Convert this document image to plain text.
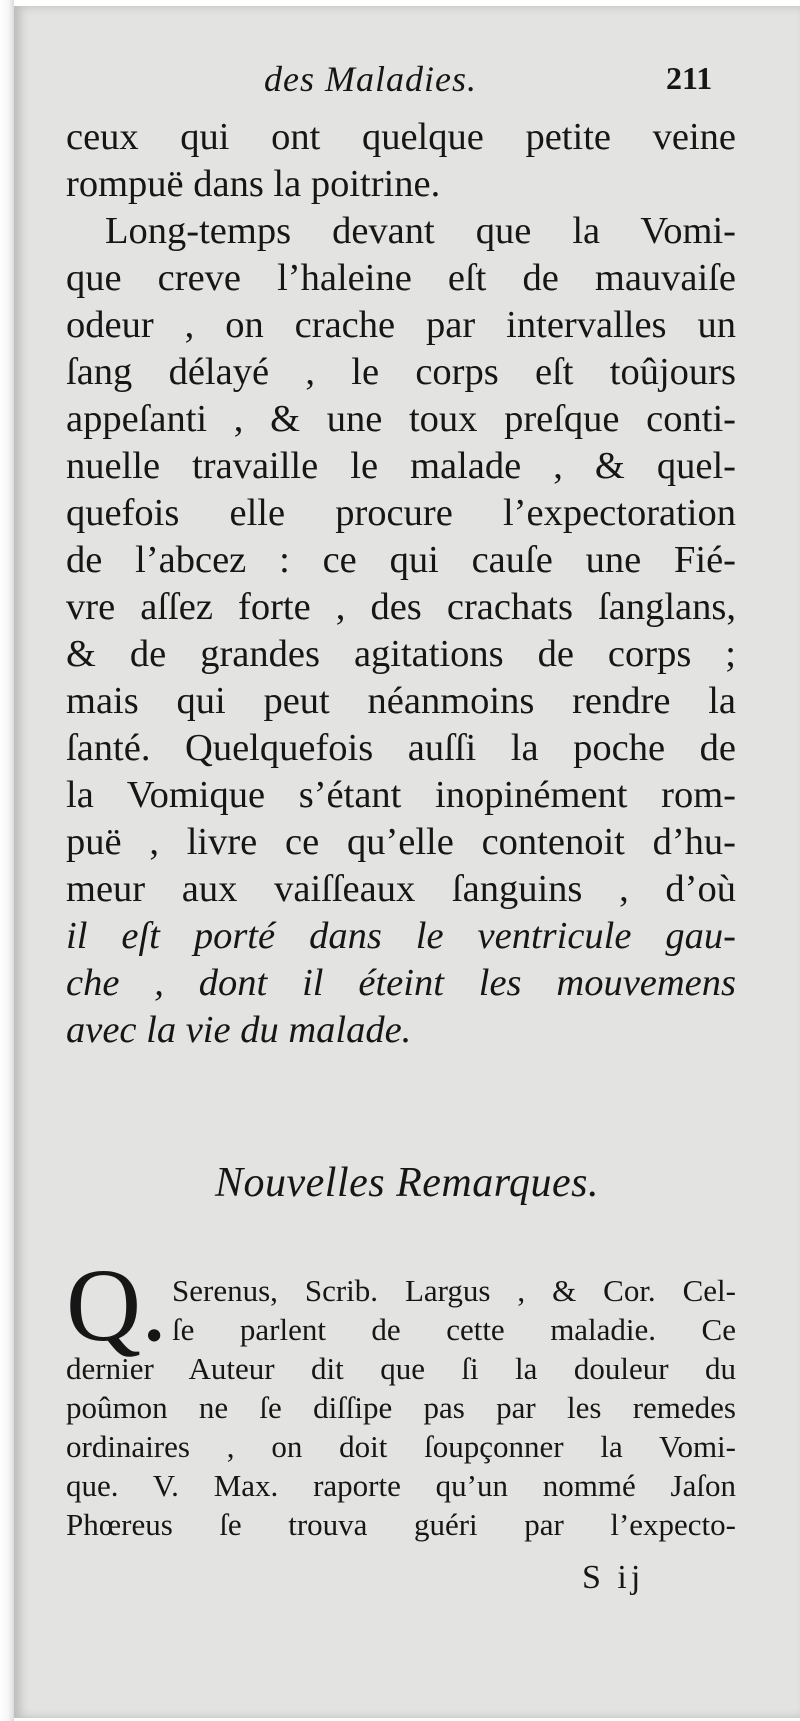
des Maladies.	211
ceux qui ont quelque petite veine
rompuë dans la poitrine.
Long-temps devant que la Vomi-
que creve l’haleine eſt de mauvaiſe
odeur , on crache par intervalles un
ſang délayé , le corps eſt toûjours
appeſanti , & une toux preſque conti-
nuelle travaille le malade , & quel-
quefois elle procure l’expectoration
de l’abcez : ce qui cauſe une Fié-
vre aſſez forte , des crachats ſanglans,
& de grandes agitations de corps ;
mais qui peut néanmoins rendre la
ſanté. Quelquefois auſſi la poche de
la Vomique s’étant inopinément rom-
puë , livre ce qu’elle contenoit d’hu-
meur aux vaiſſeaux ſanguins , d’où
il eſt porté dans le ventricule gau-
che , dont il éteint les mouvemens
avec la vie du malade.
Nouvelles Remarques.
Q. Serenus, Scrib. Largus , & Cor. Cel-
ſe parlent de cette maladie. Ce
dernier Auteur dit que ſi la douleur du
poûmon ne ſe diſſipe pas par les remedes
ordinaires , on doit ſoupçonner la Vomi-
que. V. Max. raporte qu’un nommé Jaſon
Phœreus ſe trouva guéri par l’expecto-
S ij
